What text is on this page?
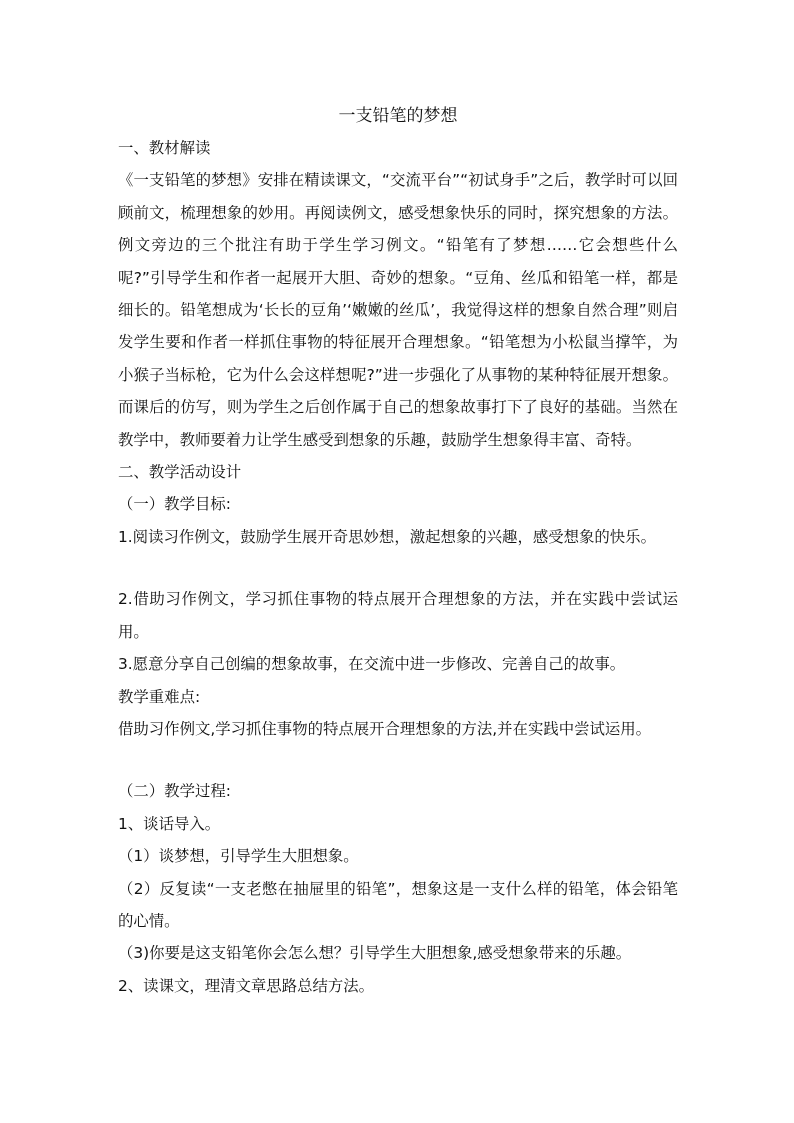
一支铅笔的梦想

一、教材解读

《一支铅笔的梦想》安排在精读课文，“交流平台”“初试身手”之后，教学时可以回顾前文，梳理想象的妙用。再阅读例文，感受想象快乐的同时，探究想象的方法。例文旁边的三个批注有助于学生学习例文。“铅笔有了梦想……它会想些什么呢?”引导学生和作者一起展开大胆、奇妙的想象。“豆角、丝瓜和铅笔一样，都是细长的。铅笔想成为‘长长的豆角’‘嫩嫩的丝瓜’，我觉得这样的想象自然合理”则启发学生要和作者一样抓住事物的特征展开合理想象。“铅笔想为小松鼠当撑竿，为小猴子当标枪，它为什么会这样想呢?”进一步强化了从事物的某种特征展开想象。而课后的仿写，则为学生之后创作属于自己的想象故事打下了良好的基础。当然在教学中，教师要着力让学生感受到想象的乐趣，鼓励学生想象得丰富、奇特。

二、教学活动设计

（一）教学目标:

1.阅读习作例文，鼓励学生展开奇思妙想，激起想象的兴趣，感受想象的快乐。

2.借助习作例文，学习抓住事物的特点展开合理想象的方法，并在实践中尝试运用。

3.愿意分享自己创编的想象故事，在交流中进一步修改、完善自己的故事。

教学重难点:

借助习作例文,学习抓住事物的特点展开合理想象的方法,并在实践中尝试运用。

（二）教学过程:

1、谈话导入。

（1）谈梦想，引导学生大胆想象。

（2）反复读“一支老憋在抽屉里的铅笔”，想象这是一支什么样的铅笔，体会铅笔的心情。

（3)你要是这支铅笔你会怎么想？引导学生大胆想象,感受想象带来的乐趣。

2、读课文，理清文章思路总结方法。
